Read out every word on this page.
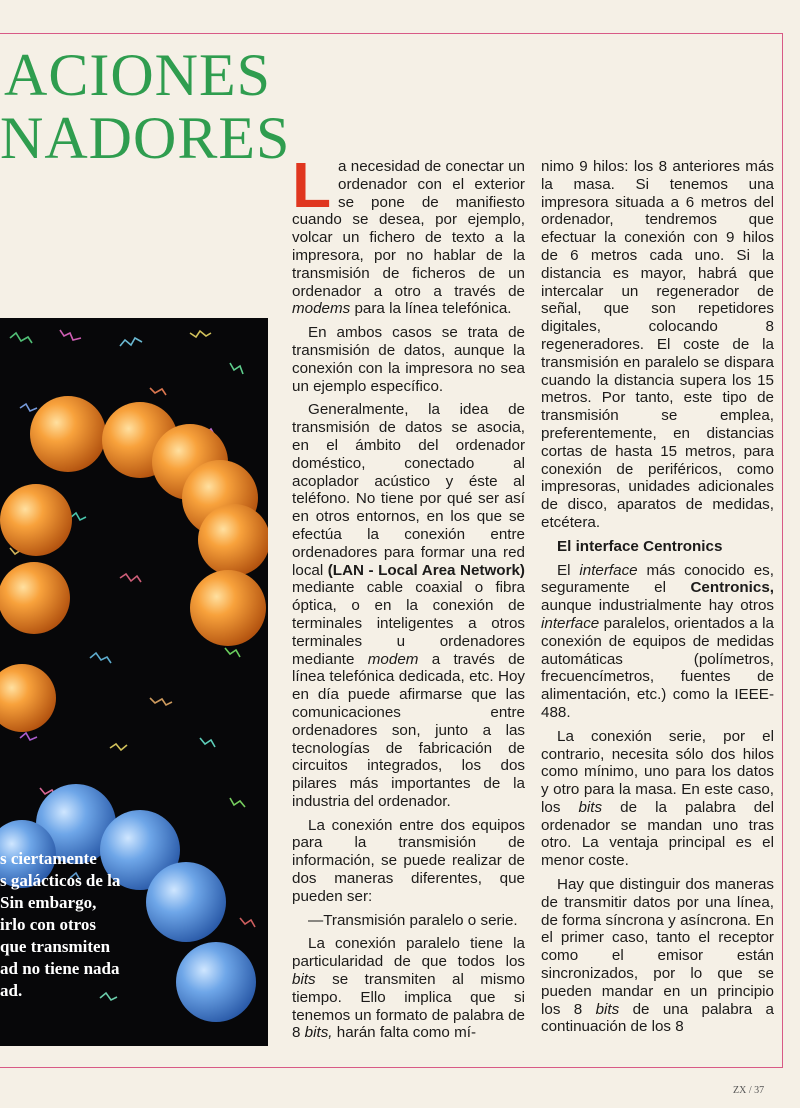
ACIONES
NADORES
s ciertamente
s galácticos de la
Sin embargo,
irlo con otros
que transmiten
ad no tiene nada
ad.

L a necesidad de conectar un ordenador con el exterior se pone de manifiesto cuando se desea, por ejemplo, volcar un fichero de texto a la impresora, por no hablar de la transmisión de ficheros de un ordenador a otro a través de modems para la línea telefónica.

En ambos casos se trata de transmisión de datos, aunque la conexión con la impresora no sea un ejemplo específico.

Generalmente, la idea de transmisión de datos se asocia, en el ámbito del ordenador doméstico, conectado al acoplador acústico y éste al teléfono. No tiene por qué ser así en otros entornos, en los que se efectúa la conexión entre ordenadores para formar una red local (LAN - Local Area Network) mediante cable coaxial o fibra óptica, o en la conexión de terminales inteligentes a otros terminales u ordenadores mediante modem a través de línea telefónica dedicada, etc. Hoy en día puede afirmarse que las comunicaciones entre ordenadores son, junto a las tecnologías de fabricación de circuitos integrados, los dos pilares más importantes de la industria del ordenador.

La conexión entre dos equipos para la transmisión de información, se puede realizar de dos maneras diferentes, que pueden ser:

—Transmisión paralelo o serie.

La conexión paralelo tiene la particularidad de que todos los bits se transmiten al mismo tiempo. Ello implica que si tenemos un formato de palabra de 8 bits, harán falta como mí-

nimo 9 hilos: los 8 anteriores más la masa. Si tenemos una impresora situada a 6 metros del ordenador, tendremos que efectuar la conexión con 9 hilos de 6 metros cada uno. Si la distancia es mayor, habrá que intercalar un regenerador de señal, que son repetidores digitales, colocando 8 regeneradores. El coste de la transmisión en paralelo se dispara cuando la distancia supera los 15 metros. Por tanto, este tipo de transmisión se emplea, preferentemente, en distancias cortas de hasta 15 metros, para conexión de periféricos, como impresoras, unidades adicionales de disco, aparatos de medidas, etcétera.

El interface Centronics

El interface más conocido es, seguramente el Centronics, aunque industrialmente hay otros interface paralelos, orientados a la conexión de equipos de medidas automáticas (polímetros, frecuencímetros, fuentes de alimentación, etc.) como la IEEE-488.

La conexión serie, por el contrario, necesita sólo dos hilos como mínimo, uno para los datos y otro para la masa. En este caso, los bits de la palabra del ordenador se mandan uno tras otro. La ventaja principal es el menor coste.

Hay que distinguir dos maneras de transmitir datos por una línea, de forma síncrona y asíncrona. En el primer caso, tanto el receptor como el emisor están sincronizados, por lo que se pueden mandar en un principio los 8 bits de una palabra a continuación de los 8

ZX / 37
